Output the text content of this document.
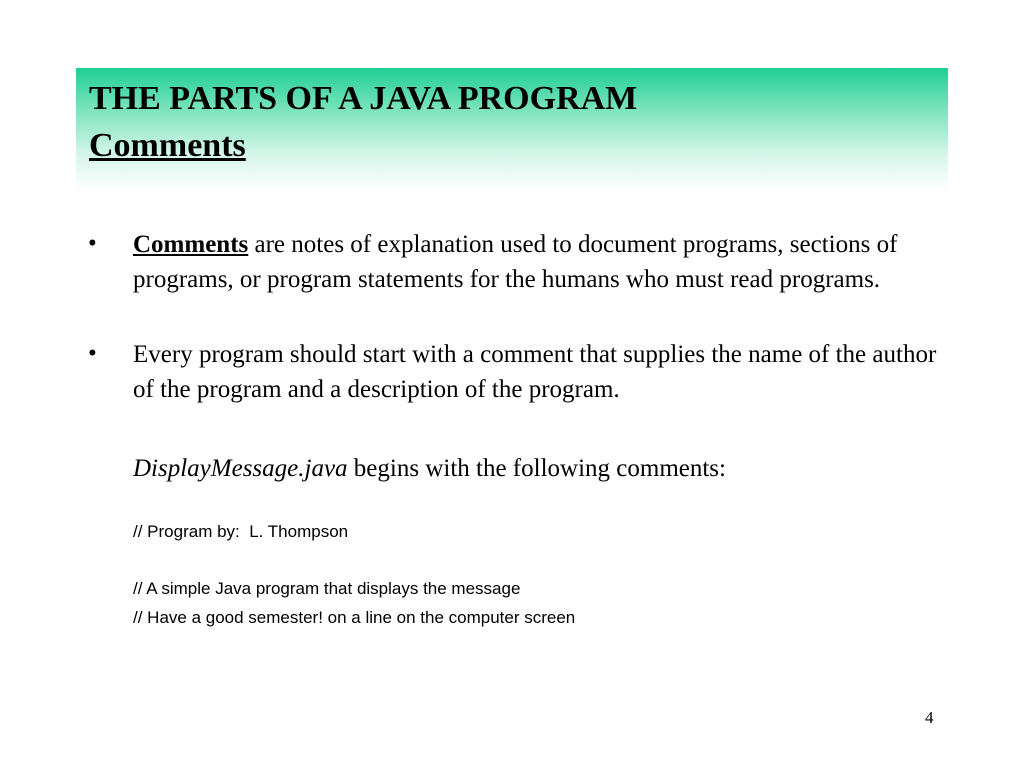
THE PARTS OF A JAVA PROGRAM
Comments
• Comments are notes of explanation used to document programs, sections of programs, or program statements for the humans who must read programs.
• Every program should start with a comment that supplies the name of the author of the program and a description of the program.
DisplayMessage.java begins with the following comments:
// Program by:  L. Thompson
// A simple Java program that displays the message
// Have a good semester! on a line on the computer screen
4
